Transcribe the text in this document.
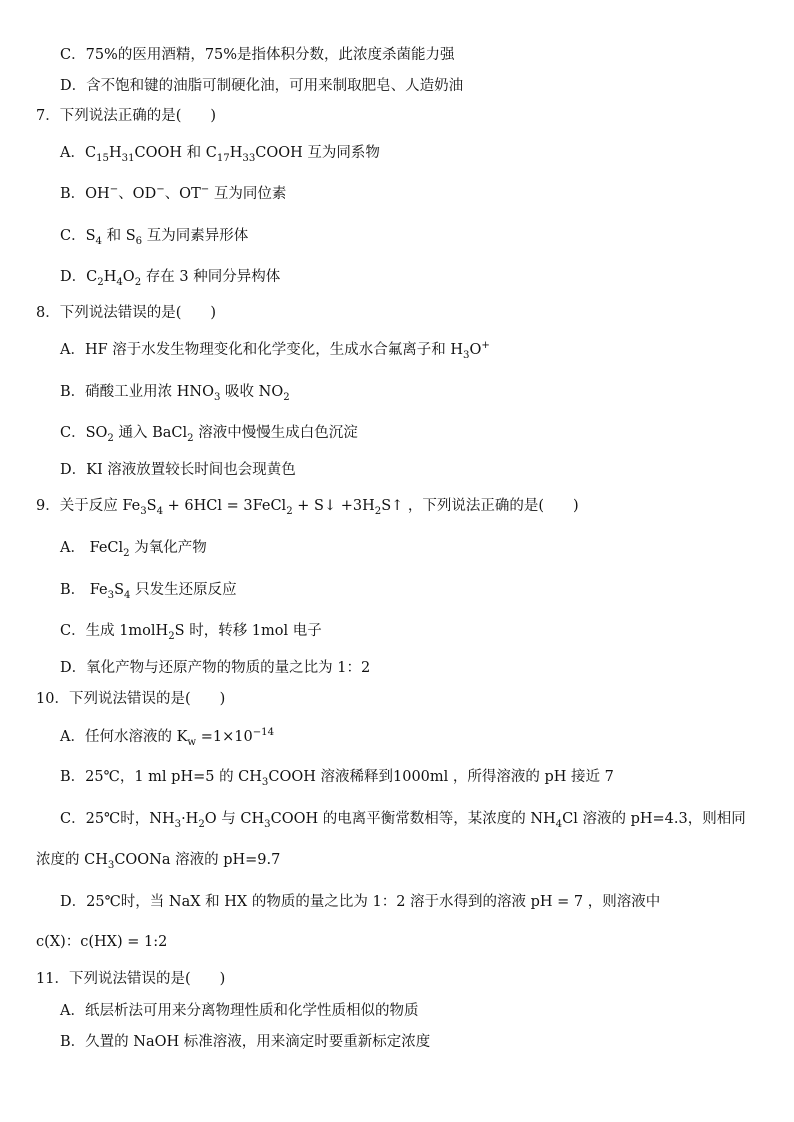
C．75%的医用酒精，75%是指体积分数，此浓度杀菌能力强
D．含不饱和键的油脂可制硬化油，可用来制取肥皂、人造奶油
7．下列说法正确的是(　　)
A．$C_{15}H_{31}COOH$ 和 $C_{17}H_{33}COOH$ 互为同系物
B．OH−、OD−、OT− 互为同位素
C．$S_4$ 和 $S_6$ 互为同素异形体
D．$C_2H_4O_2$ 存在 3 种同分异构体
8．下列说法错误的是(　　)
A．HF 溶于水发生物理变化和化学变化，生成水合氟离子和 $H_3O^+$
B．硝酸工业用浓 $HNO_3$ 吸收 $NO_2$
C．$SO_2$ 通入 BaCl$_2$ 溶液中慢慢生成白色沉淀
D．KI 溶液放置较长时间也会现黄色
9．关于反应 $Fe_3S_4 + 6HCl$ = 3FeCl$_2$ + S↓ $+3H_2S↑$ ，下列说法正确的是(　　)
A． FeCl$_2$ 为氧化产物
B． $Fe_3S_4$ 只发生还原反应
C．生成 1molH$_2$S 时，转移 1mol 电子
D．氧化产物与还原产物的物质的量之比为 1：2
10．下列说法错误的是(　　)
A．任何水溶液的 $K_w =1\times 10^{-14}$
B．25℃，1 ml pH=5 的 $CH_3COOH$ 溶液稀释到1000ml ，所得溶液的 pH 接近 7
C．25℃时，$NH_3\cdot H_2O$ 与 $CH_3COOH$ 的电离平衡常数相等，某浓度的 $NH_4Cl$ 溶液的 pH=4.3，则相同
浓度的 $CH_3COONa$ 溶液的 pH=9.7
D．25℃时，当 NaX 和 HX 的物质的量之比为 1：2 溶于水得到的溶液 pH = 7 ，则溶液中
c(X)：c(HX) = 1:2
11．下列说法错误的是(　　)
A．纸层析法可用来分离物理性质和化学性质相似的物质
B．久置的 NaOH 标准溶液，用来滴定时要重新标定浓度
